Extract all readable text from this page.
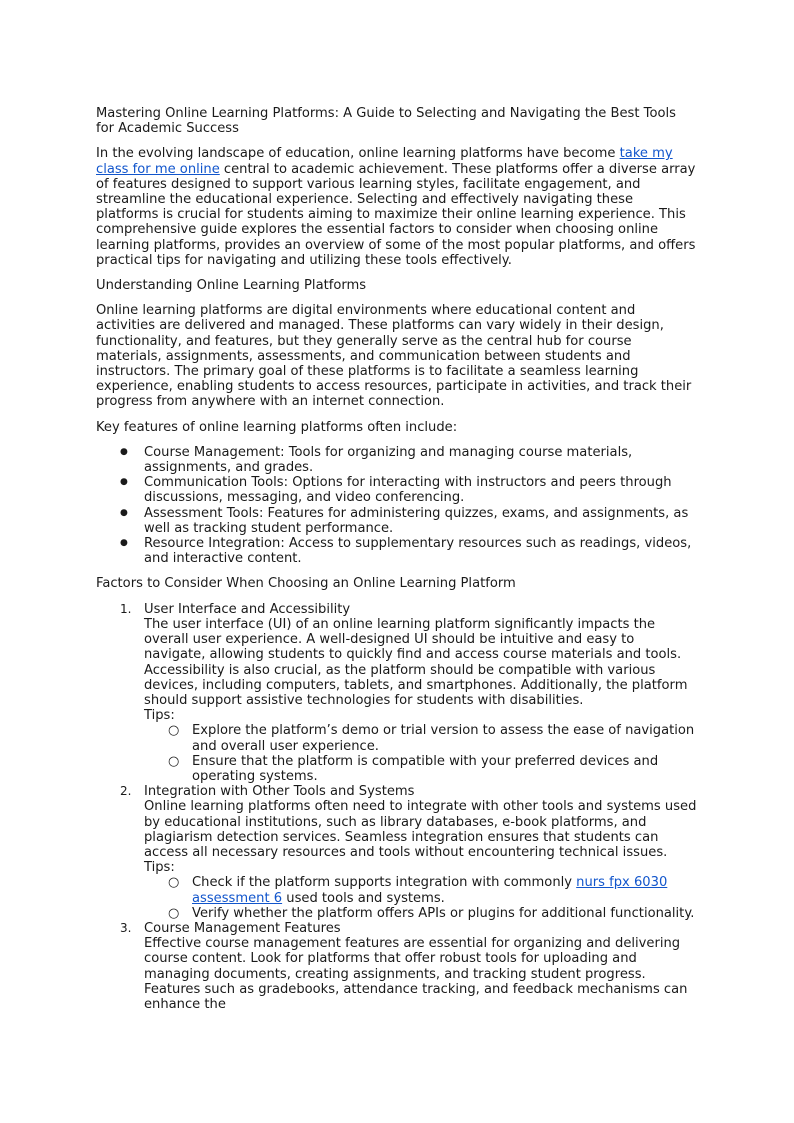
Mastering Online Learning Platforms: A Guide to Selecting and Navigating the Best Tools for Academic Success

In the evolving landscape of education, online learning platforms have become take my class for me online central to academic achievement. These platforms offer a diverse array of features designed to support various learning styles, facilitate engagement, and streamline the educational experience. Selecting and effectively navigating these platforms is crucial for students aiming to maximize their online learning experience. This comprehensive guide explores the essential factors to consider when choosing online learning platforms, provides an overview of some of the most popular platforms, and offers practical tips for navigating and utilizing these tools effectively.

Understanding Online Learning Platforms

Online learning platforms are digital environments where educational content and activities are delivered and managed. These platforms can vary widely in their design, functionality, and features, but they generally serve as the central hub for course materials, assignments, assessments, and communication between students and instructors. The primary goal of these platforms is to facilitate a seamless learning experience, enabling students to access resources, participate in activities, and track their progress from anywhere with an internet connection.

Key features of online learning platforms often include:

● Course Management: Tools for organizing and managing course materials, assignments, and grades.
● Communication Tools: Options for interacting with instructors and peers through discussions, messaging, and video conferencing.
● Assessment Tools: Features for administering quizzes, exams, and assignments, as well as tracking student performance.
● Resource Integration: Access to supplementary resources such as readings, videos, and interactive content.

Factors to Consider When Choosing an Online Learning Platform

1. User Interface and Accessibility
The user interface (UI) of an online learning platform significantly impacts the overall user experience. A well-designed UI should be intuitive and easy to navigate, allowing students to quickly find and access course materials and tools. Accessibility is also crucial, as the platform should be compatible with various devices, including computers, tablets, and smartphones. Additionally, the platform should support assistive technologies for students with disabilities.
Tips:
○ Explore the platform’s demo or trial version to assess the ease of navigation and overall user experience.
○ Ensure that the platform is compatible with your preferred devices and operating systems.
2. Integration with Other Tools and Systems
Online learning platforms often need to integrate with other tools and systems used by educational institutions, such as library databases, e-book platforms, and plagiarism detection services. Seamless integration ensures that students can access all necessary resources and tools without encountering technical issues.
Tips:
○ Check if the platform supports integration with commonly nurs fpx 6030 assessment 6 used tools and systems.
○ Verify whether the platform offers APIs or plugins for additional functionality.
3. Course Management Features
Effective course management features are essential for organizing and delivering course content. Look for platforms that offer robust tools for uploading and managing documents, creating assignments, and tracking student progress. Features such as gradebooks, attendance tracking, and feedback mechanisms can enhance the
